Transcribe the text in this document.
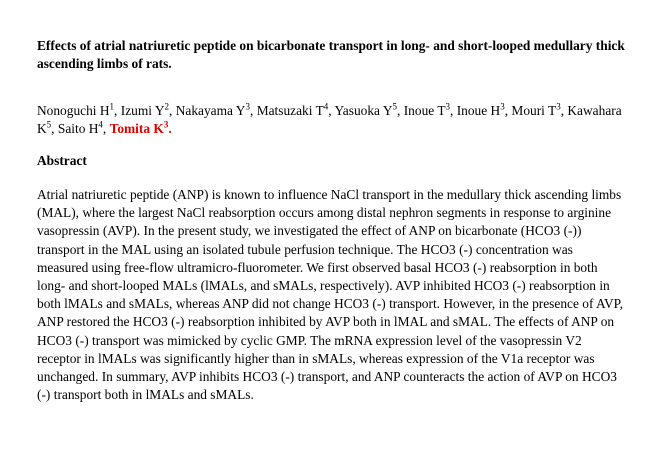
Effects of atrial natriuretic peptide on bicarbonate transport in long- and short-looped medullary thick ascending limbs of rats.
Nonoguchi $H^1$, Izumi $Y^2$, Nakayama $Y^3$, Matsuzaki $T^4$, Yasuoka $Y^5$, Inoue $T^3$, Inoue $H^3$, Mouri $T^3$, Kawahara $K^5$, Saito $H^4$, Tomita $K^3$.
Abstract
Atrial natriuretic peptide (ANP) is known to influence NaCl transport in the medullary thick ascending limbs (MAL), where the largest NaCl reabsorption occurs among distal nephron segments in response to arginine vasopressin (AVP). In the present study, we investigated the effect of ANP on bicarbonate (HCO3 (-)) transport in the MAL using an isolated tubule perfusion technique. The HCO3 (-) concentration was measured using free-flow ultramicro-fluorometer. We first observed basal HCO3 (-) reabsorption in both long- and short-looped MALs (lMALs, and sMALs, respectively). AVP inhibited HCO3 (-) reabsorption in both lMALs and sMALs, whereas ANP did not change HCO3 (-) transport. However, in the presence of AVP, ANP restored the HCO3 (-) reabsorption inhibited by AVP both in lMAL and sMAL. The effects of ANP on HCO3 (-) transport was mimicked by cyclic GMP. The mRNA expression level of the vasopressin V2 receptor in lMALs was significantly higher than in sMALs, whereas expression of the V1a receptor was unchanged. In summary, AVP inhibits HCO3 (-) transport, and ANP counteracts the action of AVP on HCO3 (-) transport both in lMALs and sMALs.
